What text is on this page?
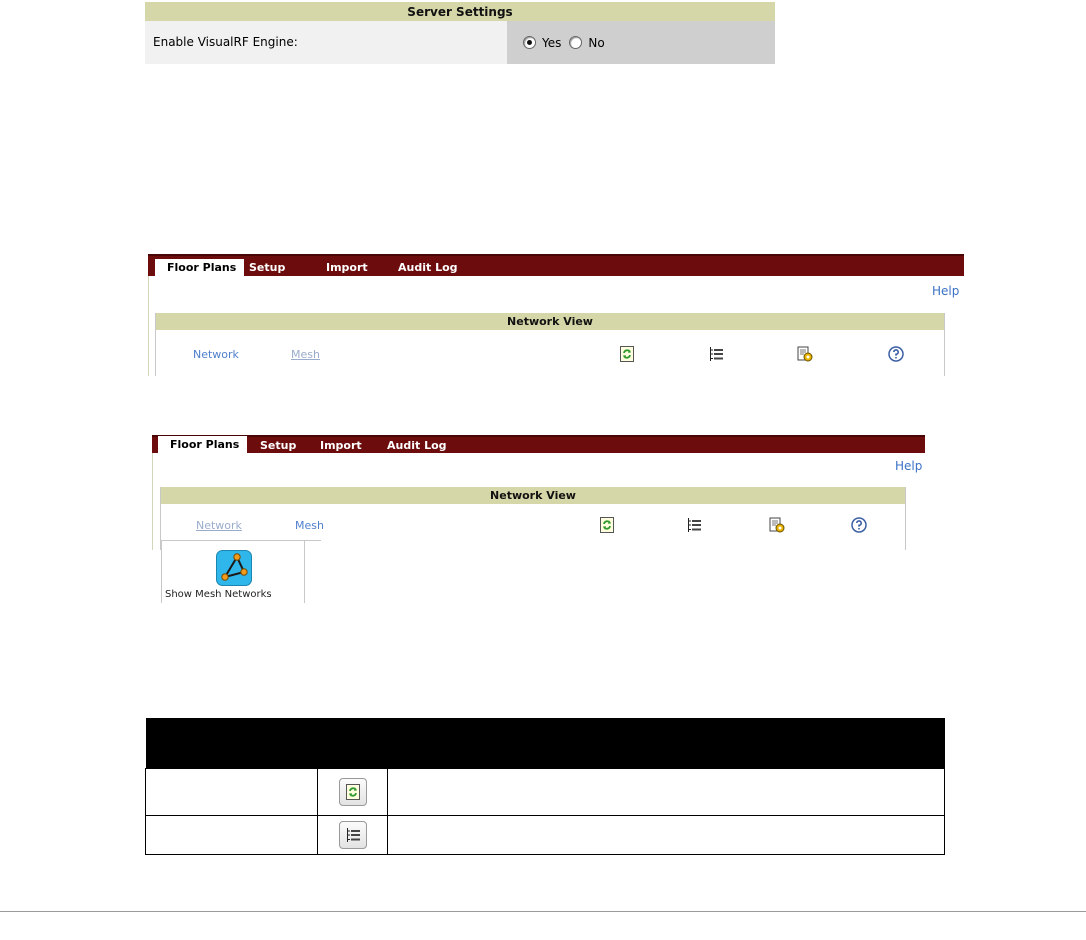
Server Settings
Enable VisualRF Engine:	Yes No
Floor Plans	Setup	Import	Audit Log
Help
Network View
Network	Mesh
Floor Plans	Setup Import Audit Log
Help
Network View
Network	Mesh
Show Mesh Networks
